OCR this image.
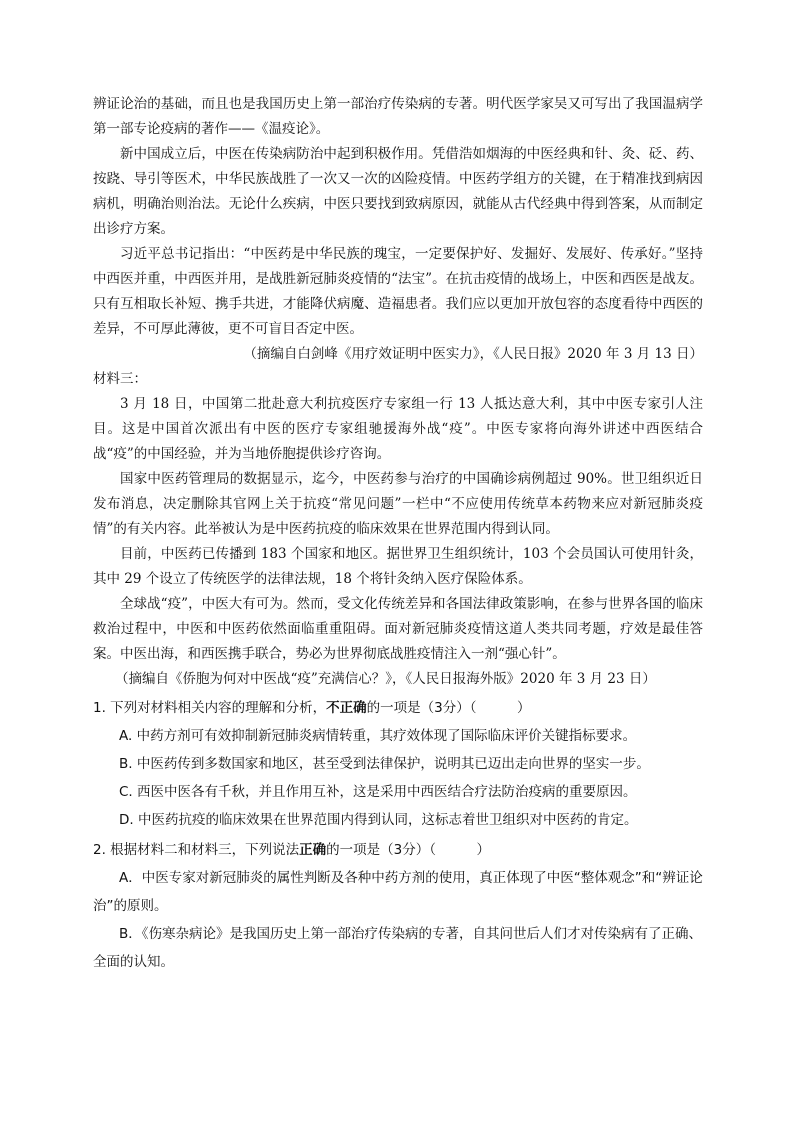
辨证论治的基础，而且也是我国历史上第一部治疗传染病的专著。明代医学家吴又可写出了我国温病学第一部专论疫病的著作——《温疫论》。

新中国成立后，中医在传染病防治中起到积极作用。凭借浩如烟海的中医经典和针、灸、砭、药、按跷、导引等医术，中华民族战胜了一次又一次的凶险疫情。中医药学组方的关键，在于精准找到病因病机，明确治则治法。无论什么疾病，中医只要找到致病原因，就能从古代经典中得到答案，从而制定出诊疗方案。

习近平总书记指出：“中医药是中华民族的瑰宝，一定要保护好、发掘好、发展好、传承好。”坚持中西医并重，中西医并用，是战胜新冠肺炎疫情的“法宝”。在抗击疫情的战场上，中医和西医是战友。只有互相取长补短、携手共进，才能降伏病魔、造福患者。我们应以更加开放包容的态度看待中西医的差异，不可厚此薄彼，更不可盲目否定中医。

（摘编自白剑峰《用疗效证明中医实力》，《人民日报》2020 年 3 月 13 日）

材料三：

3 月 18 日，中国第二批赴意大利抗疫医疗专家组一行 13 人抵达意大利，其中中医专家引人注目。这是中国首次派出有中医的医疗专家组驰援海外战“疫”。中医专家将向海外讲述中西医结合战“疫”的中国经验，并为当地侨胞提供诊疗咨询。

国家中医药管理局的数据显示，迄今，中医药参与治疗的中国确诊病例超过 90%。世卫组织近日发布消息，决定删除其官网上关于抗疫“常见问题”一栏中“不应使用传统草本药物来应对新冠肺炎疫情”的有关内容。此举被认为是中医药抗疫的临床效果在世界范围内得到认同。

目前，中医药已传播到 183 个国家和地区。据世界卫生组织统计，103 个会员国认可使用针灸，其中 29 个设立了传统医学的法律法规，18 个将针灸纳入医疗保险体系。

全球战“疫”，中医大有可为。然而，受文化传统差异和各国法律政策影响，在参与世界各国的临床救治过程中，中医和中医药依然面临重重阻碍。面对新冠肺炎疫情这道人类共同考题，疗效是最佳答案。中医出海，和西医携手联合，势必为世界彻底战胜疫情注入一剂“强心针”。

（摘编自《侨胞为何对中医战“疫”充满信心？》，《人民日报海外版》2020 年 3 月 23 日）

1. 下列对材料相关内容的理解和分析，不正确的一项是（3分）（　　　）

A. 中药方剂可有效抑制新冠肺炎病情转重，其疗效体现了国际临床评价关键指标要求。

B. 中医药传到多数国家和地区，甚至受到法律保护，说明其已迈出走向世界的坚实一步。

C. 西医中医各有千秋，并且作用互补，这是采用中西医结合疗法防治疫病的重要原因。

D. 中医药抗疫的临床效果在世界范围内得到认同，这标志着世卫组织对中医药的肯定。

2. 根据材料二和材料三，下列说法正确的一项是（3分）（　　　）

A．中医专家对新冠肺炎的属性判断及各种中药方剂的使用，真正体现了中医“整体观念”和“辨证论治”的原则。

B．《伤寒杂病论》是我国历史上第一部治疗传染病的专著，自其问世后人们才对传染病有了正确、全面的认知。
